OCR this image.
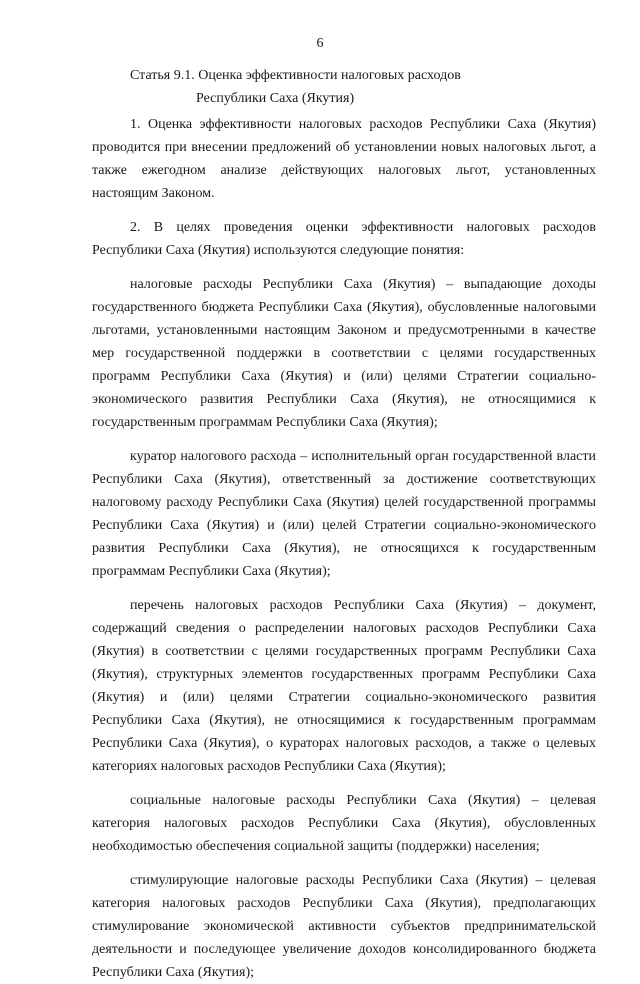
6
Статья 9.1. Оценка эффективности налоговых расходов
Республики Саха (Якутия)

1. Оценка эффективности налоговых расходов Республики Саха (Якутия) проводится при внесении предложений об установлении новых налоговых льгот, а также ежегодном анализе действующих налоговых льгот, установленных настоящим Законом.

2. В целях проведения оценки эффективности налоговых расходов Республики Саха (Якутия) используются следующие понятия:

налоговые расходы Республики Саха (Якутия) – выпадающие доходы государственного бюджета Республики Саха (Якутия), обусловленные налоговыми льготами, установленными настоящим Законом и предусмотренными в качестве мер государственной поддержки в соответствии с целями государственных программ Республики Саха (Якутия) и (или) целями Стратегии социально-экономического развития Республики Саха (Якутия), не относящимися к государственным программам Республики Саха (Якутия);

куратор налогового расхода – исполнительный орган государственной власти Республики Саха (Якутия), ответственный за достижение соответствующих налоговому расходу Республики Саха (Якутия) целей государственной программы Республики Саха (Якутия) и (или) целей Стратегии социально-экономического развития Республики Саха (Якутия), не относящихся к государственным программам Республики Саха (Якутия);

перечень налоговых расходов Республики Саха (Якутия) – документ, содержащий сведения о распределении налоговых расходов Республики Саха (Якутия) в соответствии с целями государственных программ Республики Саха (Якутия), структурных элементов государственных программ Республики Саха (Якутия) и (или) целями Стратегии социально-экономического развития Республики Саха (Якутия), не относящимися к государственным программам Республики Саха (Якутия), о кураторах налоговых расходов, а также о целевых категориях налоговых расходов Республики Саха (Якутия);

социальные налоговые расходы Республики Саха (Якутия) – целевая категория налоговых расходов Республики Саха (Якутия), обусловленных необходимостью обеспечения социальной защиты (поддержки) населения;

стимулирующие налоговые расходы Республики Саха (Якутия) – целевая категория налоговых расходов Республики Саха (Якутия), предполагающих стимулирование экономической активности субъектов предпринимательской деятельности и последующее увеличение доходов консолидированного бюджета Республики Саха (Якутия);
